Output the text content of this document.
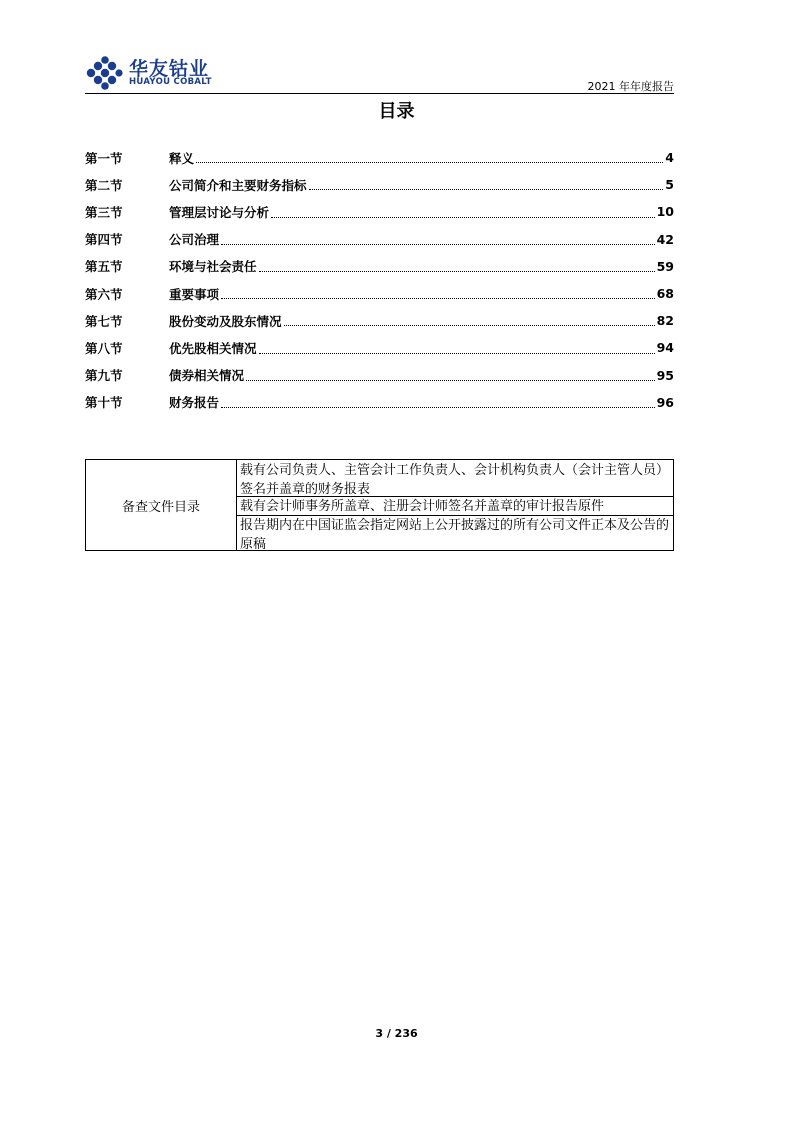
华友钴业
HUAYOU COBALT	2021 年年度报告
目录
第一节	释义	4
第二节	公司简介和主要财务指标	5
第三节	管理层讨论与分析	10
第四节	公司治理	42
第五节	环境与社会责任	59
第六节	重要事项	68
第七节	股份变动及股东情况	82
第八节	优先股相关情况	94
第九节	债券相关情况	95
第十节	财务报告	96
备查文件目录
载有公司负责人、主管会计工作负责人、会计机构负责人（会计主管人员）签名并盖章的财务报表
载有会计师事务所盖章、注册会计师签名并盖章的审计报告原件
报告期内在中国证监会指定网站上公开披露过的所有公司文件正本及公告的原稿
3 / 236
